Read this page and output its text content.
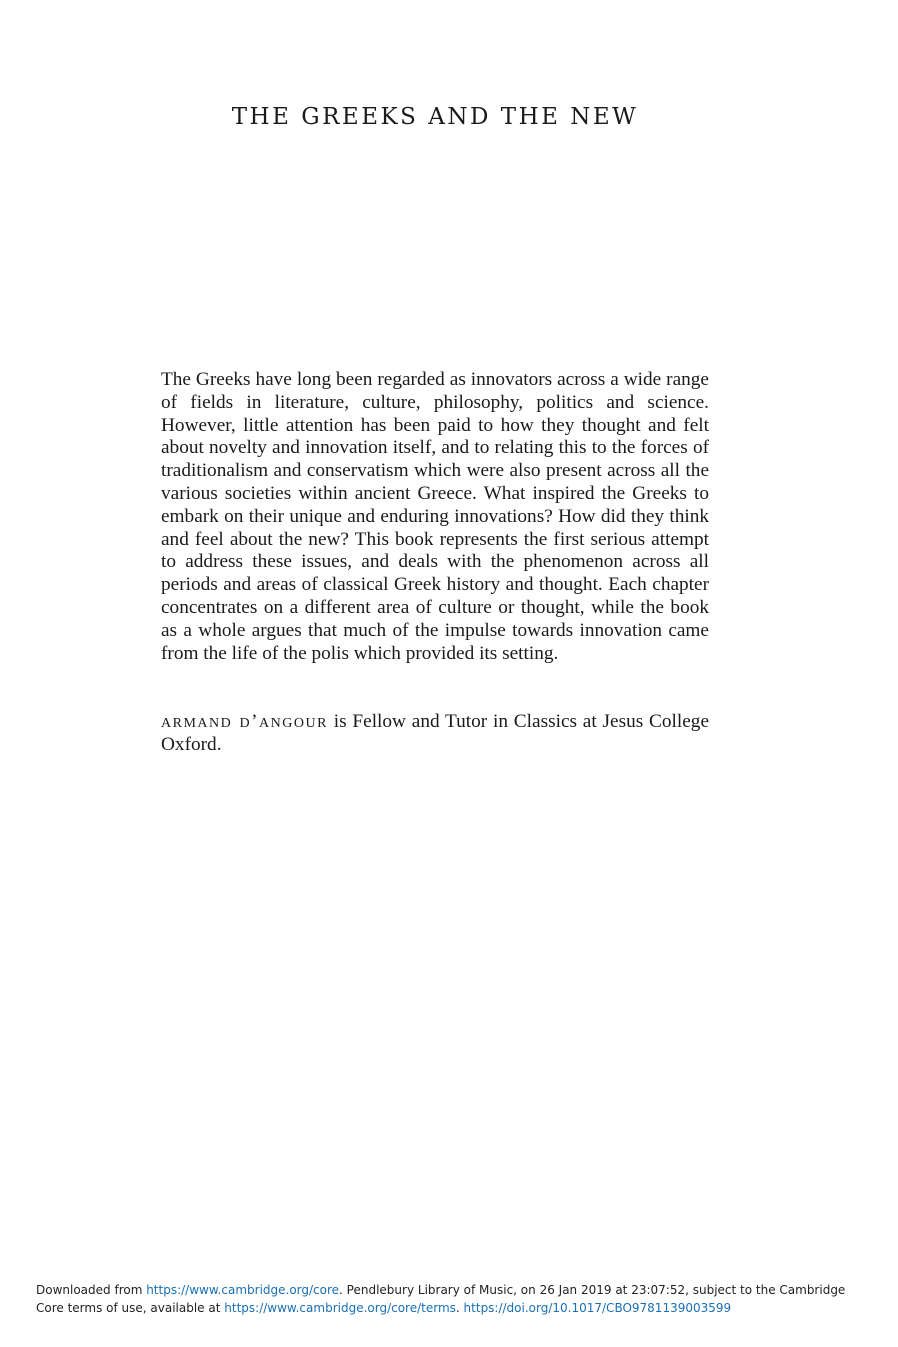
THE GREEKS AND THE NEW

The Greeks have long been regarded as innovators across a wide range of fields in literature, culture, philosophy, politics and science. However, little attention has been paid to how they thought and felt about novelty and innovation itself, and to relating this to the forces of traditionalism and conservatism which were also present across all the various societies within ancient Greece. What inspired the Greeks to embark on their unique and enduring innovations? How did they think and feel about the new? This book represents the first serious attempt to address these issues, and deals with the phenomenon across all periods and areas of classical Greek history and thought. Each chapter concentrates on a different area of culture or thought, while the book as a whole argues that much of the impulse towards innovation came from the life of the polis which provided its setting.

armand d’angour is Fellow and Tutor in Classics at Jesus College Oxford.

Downloaded from https://www.cambridge.org/core. Pendlebury Library of Music, on 26 Jan 2019 at 23:07:52, subject to the Cambridge Core terms of use, available at https://www.cambridge.org/core/terms. https://doi.org/10.1017/CBO9781139003599
